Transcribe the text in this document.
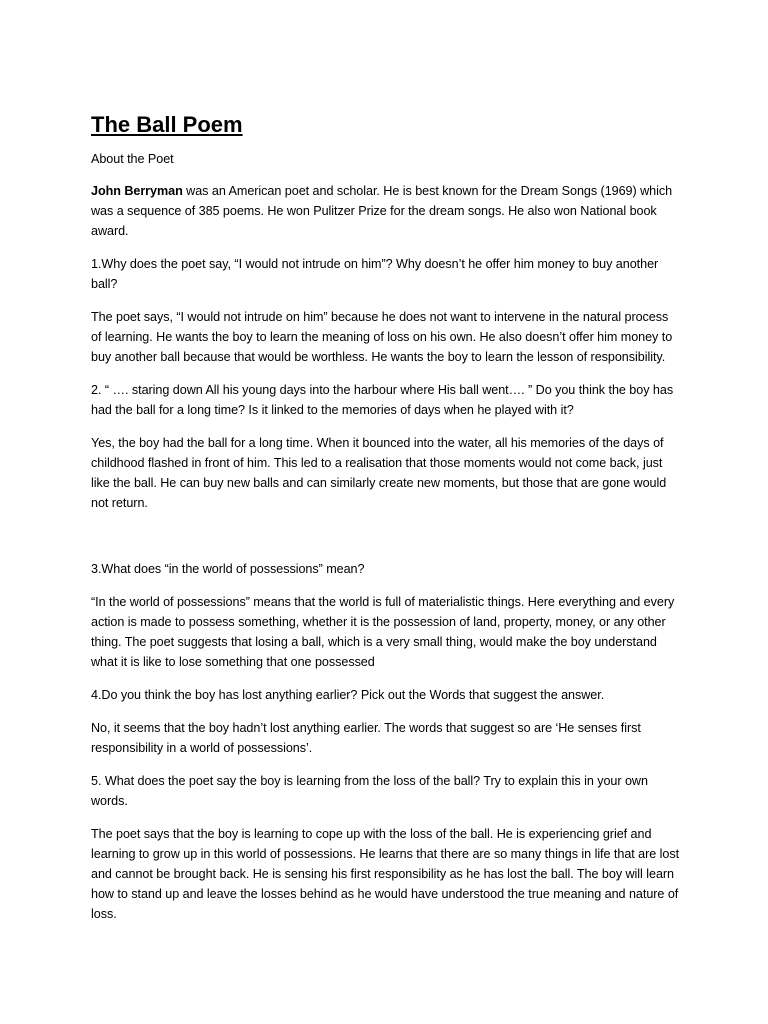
The Ball Poem

About the Poet

John Berryman was an American poet and scholar. He is best known for the Dream Songs (1969) which was a sequence of 385 poems. He won Pulitzer Prize for the dream songs. He also won National book award.

1.Why does the poet say, “I would not intrude on him”? Why doesn’t he offer him money to buy another ball?

The poet says, “I would not intrude on him” because he does not want to intervene in the natural process of learning. He wants the boy to learn the meaning of loss on his own. He also doesn’t offer him money to buy another ball because that would be worthless. He wants the boy to learn the lesson of responsibility.

2. “ …. staring down All his young days into the harbour where His ball went…. ” Do you think the boy has had the ball for a long time? Is it linked to the memories of days when he played with it?

Yes, the boy had the ball for a long time. When it bounced into the water, all his memories of the days of childhood flashed in front of him. This led to a realisation that those moments would not come back, just like the ball. He can buy new balls and can similarly create new moments, but those that are gone would not return.

3.What does “in the world of possessions” mean?

“In the world of possessions” means that the world is full of materialistic things. Here everything and every action is made to possess something, whether it is the possession of land, property, money, or any other thing. The poet suggests that losing a ball, which is a very small thing, would make the boy understand what it is like to lose something that one possessed

4.Do you think the boy has lost anything earlier? Pick out the Words that suggest the answer.

No, it seems that the boy hadn’t lost anything earlier. The words that suggest so are ‘He senses first responsibility in a world of possessions’.

5. What does the poet say the boy is learning from the loss of the ball? Try to explain this in your own words.

The poet says that the boy is learning to cope up with the loss of the ball. He is experiencing grief and learning to grow up in this world of possessions. He learns that there are so many things in life that are lost and cannot be brought back. He is sensing his first responsibility as he has lost the ball. The boy will learn how to stand up and leave the losses behind as he would have understood the true meaning and nature of loss.
